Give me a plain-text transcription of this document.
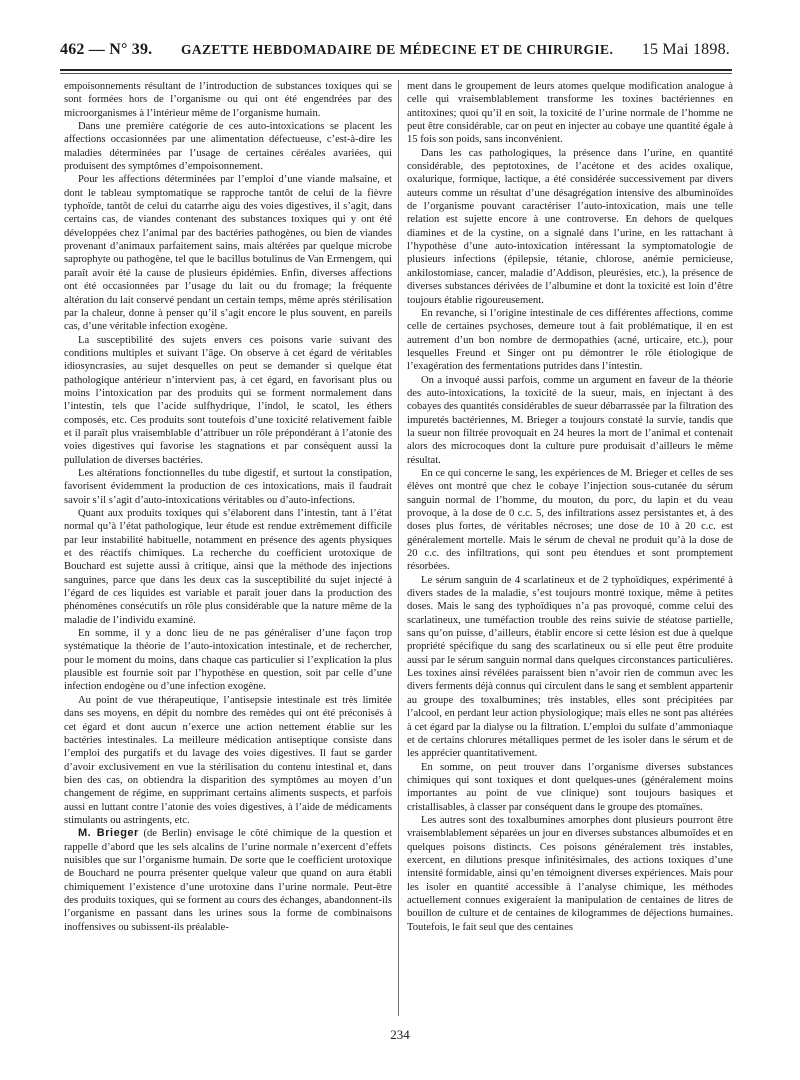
462 — N° 39. GAZETTE HEBDOMADAIRE DE MÉDECINE ET DE CHIRURGIE. 15 Mai 1898.

empoisonnements résultant de l’introduction de substances toxiques qui se sont formées hors de l’organisme ou qui ont été engendrées par des microorganismes à l’intérieur même de l’organisme humain.

Dans une première catégorie de ces auto-intoxications se placent les affections occasionnées par une alimentation défectueuse, c’est-à-dire les maladies déterminées par l’usage de certaines céréales avariées, qui produisent des symptômes d’empoisonnement.

Pour les affections déterminées par l’emploi d’une viande malsaine, et dont le tableau symptomatique se rapproche tantôt de celui de la fièvre typhoïde, tantôt de celui du catarrhe aigu des voies digestives, il s’agit, dans certains cas, de viandes contenant des substances toxiques qui y ont été développées chez l’animal par des bactéries pathogènes, ou bien de viandes provenant d’animaux parfaitement sains, mais altérées par quelque microbe saprophyte ou pathogène, tel que le bacillus botulinus de Van Ermengem, qui paraît avoir été la cause de plusieurs épidémies. Enfin, diverses affections ont été occasionnées par l’usage du lait ou du fromage; la fréquente altération du lait conservé pendant un certain temps, même après stérilisation par la chaleur, donne à penser qu’il s’agit encore le plus souvent, en pareils cas, d’une véritable infection exogène.

La susceptibilité des sujets envers ces poisons varie suivant des conditions multiples et suivant l’âge. On observe à cet égard de véritables idiosyncrasies, au sujet desquelles on peut se demander si quelque état pathologique antérieur n’intervient pas, à cet égard, en favorisant plus ou moins l’intoxication par des produits qui se forment normalement dans l’intestin, tels que l’acide sulfhydrique, l’indol, le scatol, les éthers composés, etc. Ces produits sont toutefois d’une toxicité relativement faible et il paraît plus vraisemblable d’attribuer un rôle prépondérant à l’atonie des voies digestives qui favorise les stagnations et par conséquent aussi la pullulation de diverses bactéries.

Les altérations fonctionnelles du tube digestif, et surtout la constipation, favorisent évidemment la production de ces intoxications, mais il faudrait savoir s’il s’agit d’auto-intoxications véritables ou d’auto-infections.

Quant aux produits toxiques qui s’élaborent dans l’intestin, tant à l’état normal qu’à l’état pathologique, leur étude est rendue extrêmement difficile par leur instabilité habituelle, notamment en présence des agents physiques et des réactifs chimiques. La recherche du coefficient urotoxique de Bouchard est sujette aussi à critique, ainsi que la méthode des injections sanguines, parce que dans les deux cas la susceptibilité du sujet injecté à l’égard de ces liquides est variable et paraît jouer dans la production des phénomènes consécutifs un rôle plus considérable que la nature même de la maladie de l’individu examiné.

En somme, il y a donc lieu de ne pas généraliser d’une façon trop systématique la théorie de l’auto-intoxication intestinale, et de rechercher, pour le moment du moins, dans chaque cas particulier si l’explication la plus plausible est fournie soit par l’hypothèse en question, soit par celle d’une infection endogène ou d’une infection exogène.

Au point de vue thérapeutique, l’antisepsie intestinale est très limitée dans ses moyens, en dépit du nombre des remèdes qui ont été préconisés à cet égard et dont aucun n’exerce une action nettement établie sur les bactéries intestinales. La meilleure médication antiseptique consiste dans l’emploi des purgatifs et du lavage des voies digestives. Il faut se garder d’avoir exclusivement en vue la stérilisation du contenu intestinal et, dans bien des cas, on obtiendra la disparition des symptômes au moyen d’un changement de régime, en supprimant certains aliments suspects, et parfois aussi en luttant contre l’atonie des voies digestives, à l’aide de médicaments stimulants ou astringents, etc.

M. Brieger (de Berlin) envisage le côté chimique de la question et rappelle d’abord que les sels alcalins de l’urine normale n’exercent d’effets nuisibles que sur l’organisme humain. De sorte que le coefficient urotoxique de Bouchard ne pourra présenter quelque valeur que quand on aura établi chimiquement l’existence d’une urotoxine dans l’urine normale. Peut-être des produits toxiques, qui se forment au cours des échanges, abandonnent-ils l’organisme en passant dans les urines sous la forme de combinaisons inoffensives ou subissent-ils préalable-

ment dans le groupement de leurs atomes quelque modification analogue à celle qui vraisemblablement transforme les toxines bactériennes en antitoxines; quoi qu’il en soit, la toxicité de l’urine normale de l’homme ne peut être considérable, car on peut en injecter au cobaye une quantité égale à 15 fois son poids, sans inconvénient.

Dans les cas pathologiques, la présence dans l’urine, en quantité considérable, des peptotoxines, de l’acétone et des acides oxalique, oxalurique, formique, lactique, a été considérée successivement par divers auteurs comme un résultat d’une désagrégation intensive des albuminoïdes de l’organisme pouvant caractériser l’auto-intoxication, mais une telle relation est sujette encore à une controverse. En dehors de quelques diamines et de la cystine, on a signalé dans l’urine, en les rattachant à l’hypothèse d’une auto-intoxication intéressant la symptomatologie de plusieurs infections (épilepsie, tétanie, chlorose, anémie pernicieuse, ankilostomiase, cancer, maladie d’Addison, pleurésies, etc.), la présence de diverses substances dérivées de l’albumine et dont la toxicité est loin d’être toujours établie rigoureusement.

En revanche, si l’origine intestinale de ces différentes affections, comme celle de certaines psychoses, demeure tout à fait problématique, il en est autrement d’un bon nombre de dermopathies (acné, urticaire, etc.), pour lesquelles Freund et Singer ont pu démontrer le rôle étiologique de l’exagération des fermentations putrides dans l’intestin.

On a invoqué aussi parfois, comme un argument en faveur de la théorie des auto-intoxications, la toxicité de la sueur, mais, en injectant à des cobayes des quantités considérables de sueur débarrassée par la filtration des impuretés bactériennes, M. Brieger a toujours constaté la survie, tandis que la sueur non filtrée provoquait en 24 heures la mort de l’animal et contenait alors des microcoques dont la culture pure produisait d’ailleurs le même résultat.

En ce qui concerne le sang, les expériences de M. Brieger et celles de ses élèves ont montré que chez le cobaye l’injection sous-cutanée du sérum sanguin normal de l’homme, du mouton, du porc, du lapin et du veau provoque, à la dose de 0 c.c. 5, des infiltrations assez persistantes et, à des doses plus fortes, de véritables nécroses; une dose de 10 à 20 c.c. est généralement mortelle. Mais le sérum de cheval ne produit qu’à la dose de 20 c.c. des infiltrations, qui sont peu étendues et sont promptement résorbées.

Le sérum sanguin de 4 scarlatineux et de 2 typhoïdiques, expérimenté à divers stades de la maladie, s’est toujours montré toxique, même à petites doses. Mais le sang des typhoïdiques n’a pas provoqué, comme celui des scarlatineux, une tuméfaction trouble des reins suivie de stéatose partielle, sans qu’on puisse, d’ailleurs, établir encore si cette lésion est due à quelque propriété spécifique du sang des scarlatineux ou si elle peut être produite aussi par le sérum sanguin normal dans quelques circonstances particulières. Les toxines ainsi révélées paraissent bien n’avoir rien de commun avec les divers ferments déjà connus qui circulent dans le sang et semblent appartenir au groupe des toxalbumines; très instables, elles sont précipitées par l’alcool, en perdant leur action physiologique; mais elles ne sont pas altérées à cet égard par la dialyse ou la filtration. L’emploi du sulfate d’ammoniaque et de certains chlorures métalliques permet de les isoler dans le sérum et de les apprécier quantitativement.

En somme, on peut trouver dans l’organisme diverses substances chimiques qui sont toxiques et dont quelques-unes (généralement moins importantes au point de vue clinique) sont toujours basiques et cristallisables, à classer par conséquent dans le groupe des ptomaïnes.

Les autres sont des toxalbumines amorphes dont plusieurs pourront être vraisemblablement séparées un jour en diverses substances albumoïdes et en quelques poisons distincts. Ces poisons généralement très instables, exercent, en dilutions presque infinitésimales, des actions toxiques d’une intensité formidable, ainsi qu’en témoignent diverses expériences. Mais pour les isoler en quantité accessible à l’analyse chimique, les méthodes actuellement connues exigeraient la manipulation de centaines de litres de bouillon de culture et de centaines de kilogrammes de déjections humaines. Toutefois, le fait seul que des centaines

234
